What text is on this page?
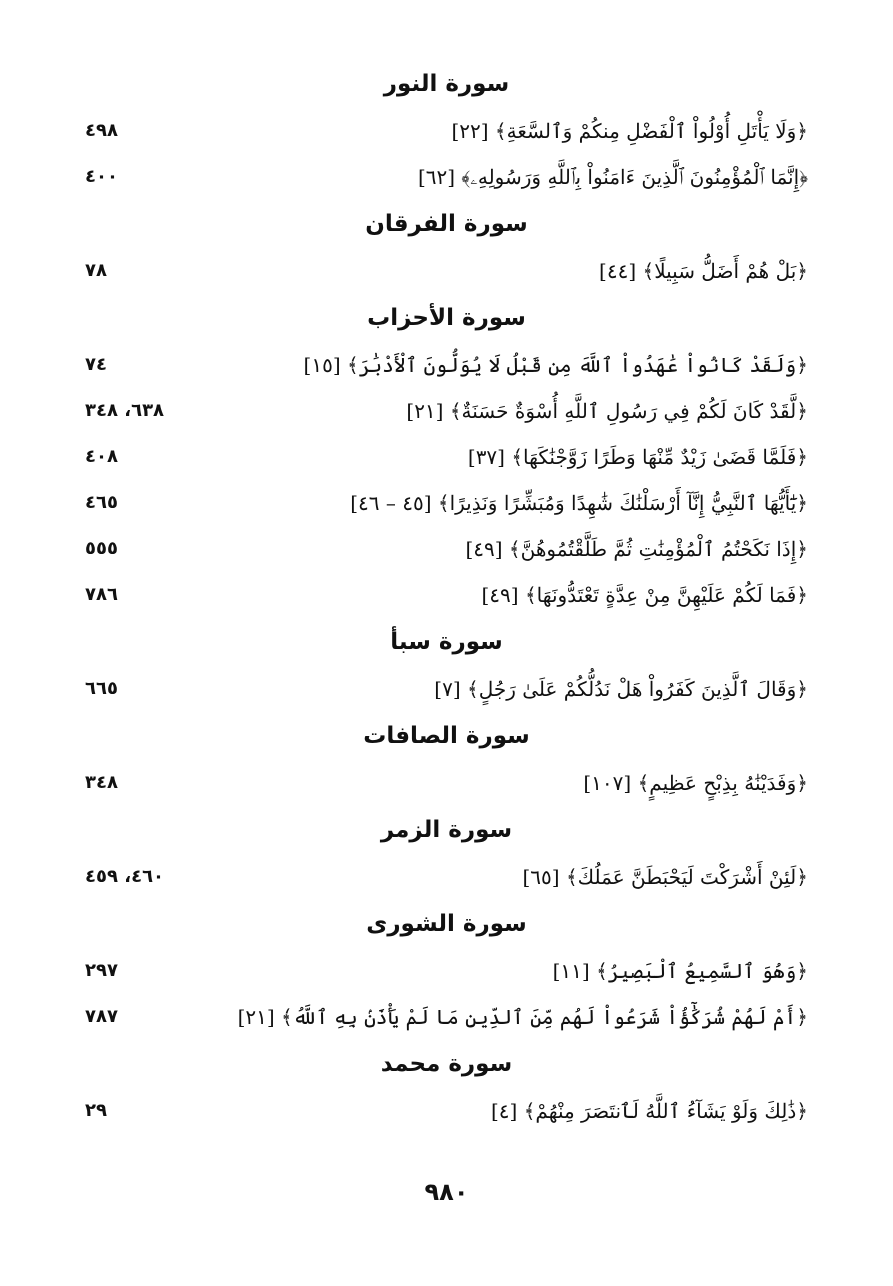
سورة النور
﴿وَلَا يَأْتَلِ أُوْلُواْ ٱلْفَضْلِ مِنكُمْ وَٱلسَّعَةِ﴾ [٢٢]
٤٩٨
﴿إِنَّمَا ٱلْمُؤْمِنُونَ ٱلَّذِينَ ءَامَنُواْ بِٱللَّهِ وَرَسُولِهِۦ﴾ [٦٢]
٤٠٠
سورة الفرقان
﴿بَلْ هُمْ أَضَلُّ سَبِيلًا﴾ [٤٤]
٧٨
سورة الأحزاب
﴿وَلَقَدْ كَانُواْ عَٰهَدُواْ ٱللَّهَ مِن قَبْلُ لَا يُوَلُّونَ ٱلْأَدْبَٰرَ﴾ [١٥]
٧٤
﴿لَّقَدْ كَانَ لَكُمْ فِي رَسُولِ ٱللَّهِ أُسْوَةٌ حَسَنَةٌ﴾ [٢١]
٦٣٨، ٣٤٨
﴿فَلَمَّا قَضَىٰ زَيْدٌ مِّنْهَا وَطَرًا زَوَّجْنَٰكَهَا﴾ [٣٧]
٤٠٨
﴿يَٰٓأَيُّهَا ٱلنَّبِيُّ إِنَّآ أَرْسَلْنَٰكَ شَٰهِدًا وَمُبَشِّرًا وَنَذِيرًا﴾ [٤٥ – ٤٦]
٤٦٥
﴿إِذَا نَكَحْتُمُ ٱلْمُؤْمِنَٰتِ ثُمَّ طَلَّقْتُمُوهُنَّ﴾ [٤٩]
٥٥٥
﴿فَمَا لَكُمْ عَلَيْهِنَّ مِنْ عِدَّةٍ تَعْتَدُّونَهَا﴾ [٤٩]
٧٨٦
سورة سبأ
﴿وَقَالَ ٱلَّذِينَ كَفَرُواْ هَلْ نَدُلُّكُمْ عَلَىٰ رَجُلٍ﴾ [٧]
٦٦٥
سورة الصافات
﴿وَفَدَيْنَٰهُ بِذِبْحٍ عَظِيمٍ﴾ [١٠٧]
٣٤٨
سورة الزمر
﴿لَئِنْ أَشْرَكْتَ لَيَحْبَطَنَّ عَمَلُكَ﴾ [٦٥]
٤٦٠، ٤٥٩
سورة الشورى
﴿وَهُوَ ٱلسَّمِيعُ ٱلْبَصِيرُ﴾ [١١]
٢٩٧
﴿أَمْ لَهُمْ شُرَكَٰٓؤُاْ شَرَعُواْ لَهُم مِّنَ ٱلدِّينِ مَا لَمْ يَأْذَنۢ بِهِ ٱللَّهُ﴾ [٢١]
٧٨٧
سورة محمد
﴿ذَٰلِكَ وَلَوْ يَشَآءُ ٱللَّهُ لَٱنتَصَرَ مِنْهُمْ﴾ [٤]
٢٩
٩٨٠
